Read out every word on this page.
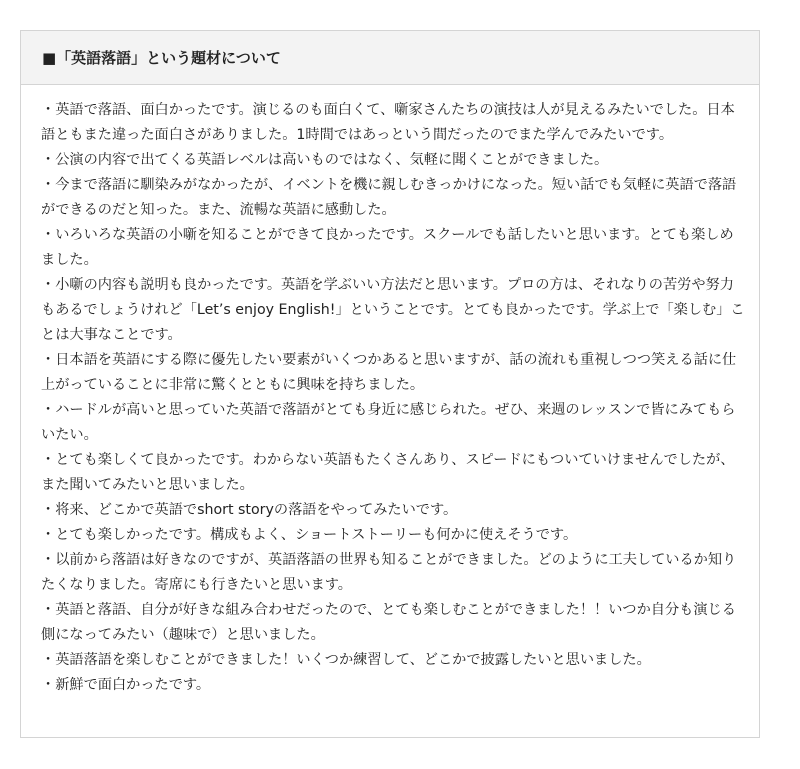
■「英語落語」という題材について

・英語で落語、面白かったです。演じるのも面白くて、噺家さんたちの演技は人が見えるみたいでした。日本語ともまた違った面白さがありました。1時間ではあっという間だったのでまた学んでみたいです。

・公演の内容で出てくる英語レベルは高いものではなく、気軽に聞くことができました。

・今まで落語に馴染みがなかったが、イベントを機に親しむきっかけになった。短い話でも気軽に英語で落語ができるのだと知った。また、流暢な英語に感動した。

・いろいろな英語の小噺を知ることができて良かったです。スクールでも話したいと思います。とても楽しめました。

・小噺の内容も説明も良かったです。英語を学ぶいい方法だと思います。プロの方は、それなりの苦労や努力もあるでしょうけれど「Let’s enjoy English!」ということです。とても良かったです。学ぶ上で「楽しむ」ことは大事なことです。

・日本語を英語にする際に優先したい要素がいくつかあると思いますが、話の流れも重視しつつ笑える話に仕上がっていることに非常に驚くとともに興味を持ちました。

・ハードルが高いと思っていた英語で落語がとても身近に感じられた。ぜひ、来週のレッスンで皆にみてもらいたい。

・とても楽しくて良かったです。わからない英語もたくさんあり、スピードにもついていけませんでしたが、また聞いてみたいと思いました。

・将来、どこかで英語でshort storyの落語をやってみたいです。

・とても楽しかったです。構成もよく、ショートストーリーも何かに使えそうです。

・以前から落語は好きなのですが、英語落語の世界も知ることができました。どのように工夫しているか知りたくなりました。寄席にも行きたいと思います。

・英語と落語、自分が好きな組み合わせだったので、とても楽しむことができました！！いつか自分も演じる側になってみたい（趣味で）と思いました。

・英語落語を楽しむことができました！いくつか練習して、どこかで披露したいと思いました。

・新鮮で面白かったです。
